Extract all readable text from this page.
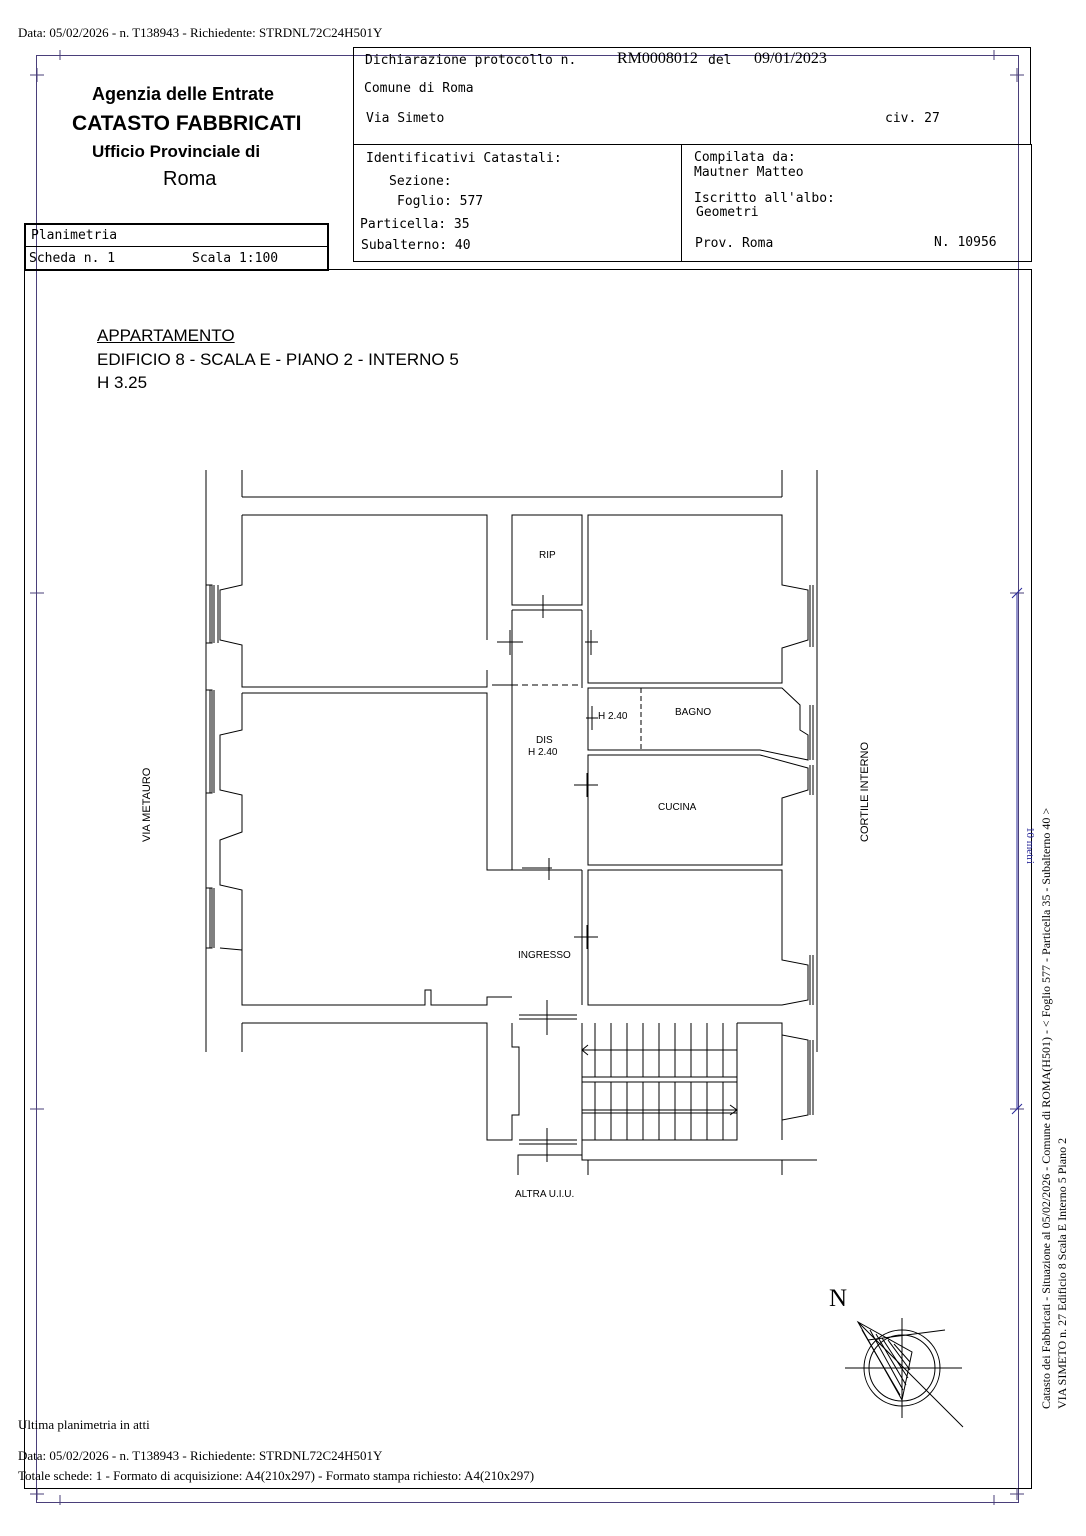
Data: 05/02/2026 - n. T138943 - Richiedente: STRDNL72C24H501Y
Agenzia delle Entrate
CATASTO FABBRICATI
Ufficio Provinciale di
Roma
Planimetria
Scheda n. 1	Scala 1:100
Dichiarazione protocollo n.	RM0008012 del 09/01/2023
Comune di Roma
Via Simeto	civ. 27
Identificativi Catastali:
Sezione:
Foglio: 577
Particella: 35
Subalterno: 40
Compilata da:
Mautner Matteo
Iscritto all'albo:
Geometri
Prov. Roma	N. 10956
APPARTAMENTO
EDIFICIO 8 - SCALA E - PIANO 2 - INTERNO 5
H 3.25
RIP
DIS
H 2.40
H 2.40	BAGNO
CUCINA
INGRESSO
ALTRA U.I.U.
VIA METAURO	CORTILE INTERNO
10 metri
N	Catasto dei Fabbricati - Situazione al 05/02/2026 - Comune di ROMA(H501) - < Foglio 577 - Particella 35 - Subalterno 40 > VIA SIMETO n. 27 Edificio 8 Scala E Interno 5 Piano 2
Ultima planimetria in atti
Data: 05/02/2026 - n. T138943 - Richiedente: STRDNL72C24H501Y
Totale schede: 1 - Formato di acquisizione: A4(210x297) - Formato stampa richiesto: A4(210x297)
